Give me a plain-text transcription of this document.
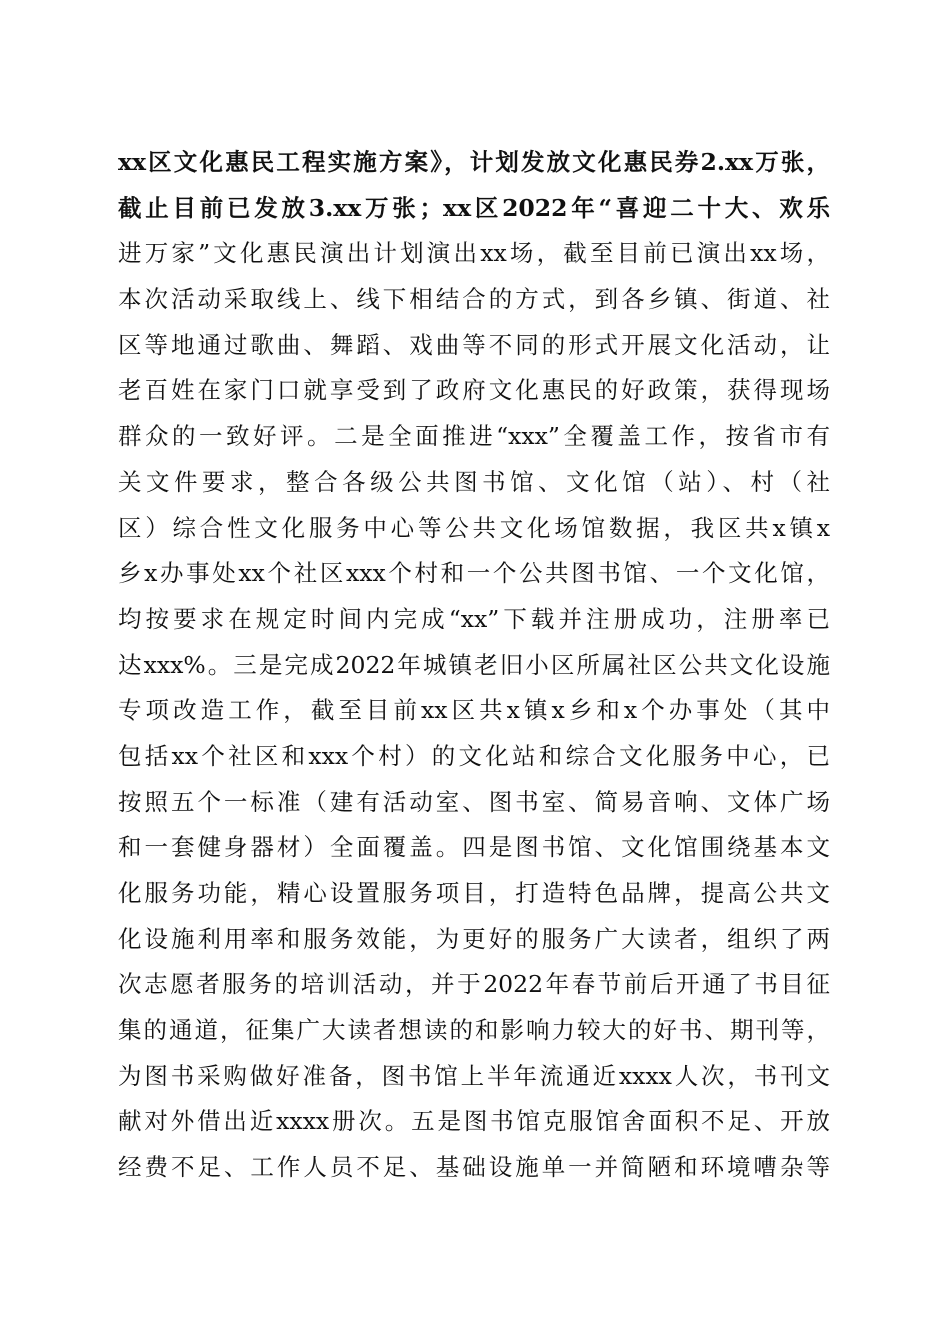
xx区文化惠民工程实施方案》，计划发放文化惠民券2.xx万张，
截止目前已发放3.xx万张；xx区2022年“喜迎二十大、欢乐
进万家”文化惠民演出计划演出xx场，截至目前已演出xx场，
本次活动采取线上、线下相结合的方式，到各乡镇、街道、社
区等地通过歌曲、舞蹈、戏曲等不同的形式开展文化活动，让
老百姓在家门口就享受到了政府文化惠民的好政策，获得现场
群众的一致好评。二是全面推进“xxx”全覆盖工作，按省市有
关文件要求，整合各级公共图书馆、文化馆（站）、村（社
区）综合性文化服务中心等公共文化场馆数据，我区共x镇x
乡x办事处xx个社区xxx个村和一个公共图书馆、一个文化馆，
均按要求在规定时间内完成“xx”下载并注册成功，注册率已
达xxx%。三是完成2022年城镇老旧小区所属社区公共文化设施
专项改造工作，截至目前xx区共x镇x乡和x个办事处（其中
包括xx个社区和xxx个村）的文化站和综合文化服务中心，已
按照五个一标准（建有活动室、图书室、简易音响、文体广场
和一套健身器材）全面覆盖。四是图书馆、文化馆围绕基本文
化服务功能，精心设置服务项目，打造特色品牌，提高公共文
化设施利用率和服务效能，为更好的服务广大读者，组织了两
次志愿者服务的培训活动，并于2022年春节前后开通了书目征
集的通道，征集广大读者想读的和影响力较大的好书、期刊等，
为图书采购做好准备，图书馆上半年流通近xxxx人次，书刊文
献对外借出近xxxx册次。五是图书馆克服馆舍面积不足、开放
经费不足、工作人员不足、基础设施单一并简陋和环境嘈杂等
